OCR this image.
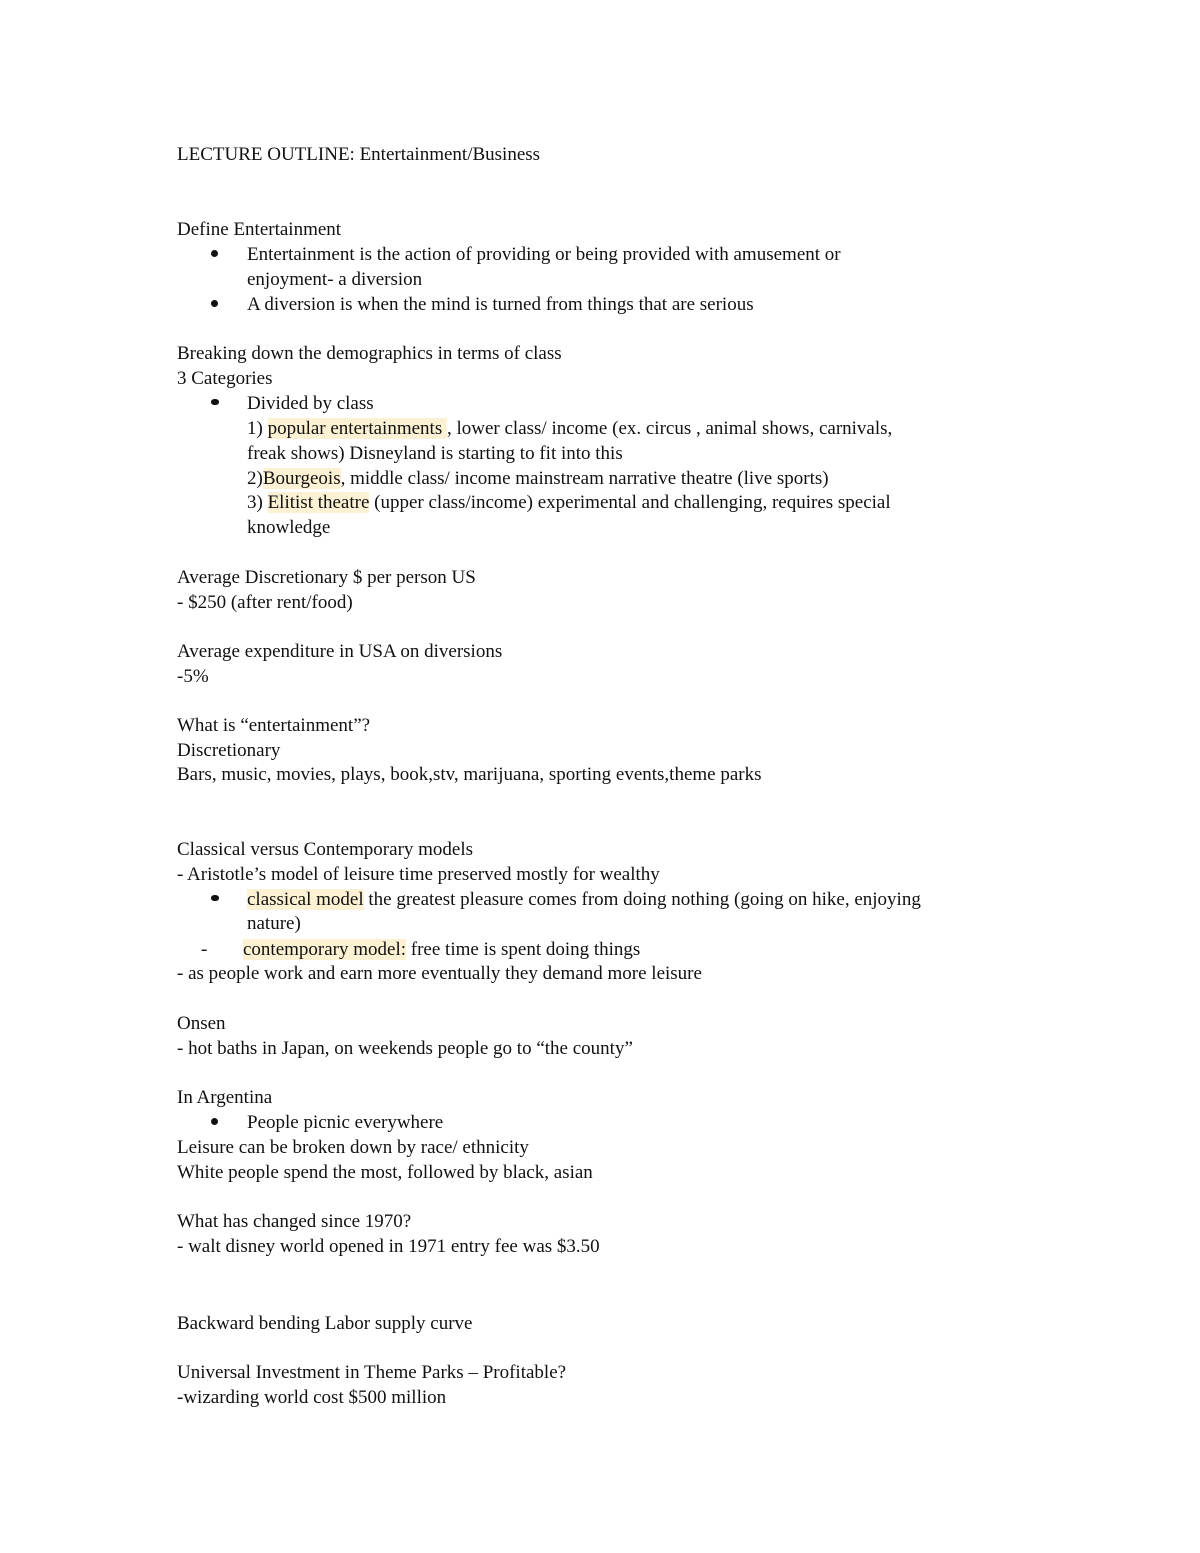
LECTURE OUTLINE: Entertainment/Business
Define Entertainment
Entertainment is the action of providing or being provided with amusement or
enjoyment- a diversion
A diversion is when the mind is turned from things that are serious
Breaking down the demographics in terms of class
3 Categories
Divided by class
1) popular entertainments , lower class/ income (ex. circus , animal shows, carnivals,
freak shows) Disneyland is starting to fit into this
2)Bourgeois, middle class/ income mainstream narrative theatre (live sports)
3) Elitist theatre (upper class/income) experimental and challenging, requires special
knowledge
Average Discretionary $ per person US
- $250 (after rent/food)
Average expenditure in USA on diversions
-5%
What is “entertainment”?
Discretionary
Bars, music, movies, plays, book,stv, marijuana, sporting events,theme parks
Classical versus Contemporary models
- Aristotle’s model of leisure time preserved mostly for wealthy
classical model the greatest pleasure comes from doing nothing (going on hike, enjoying
nature)
- contemporary model: free time is spent doing things
- as people work and earn more eventually they demand more leisure
Onsen
- hot baths in Japan, on weekends people go to “the county”
In Argentina
People picnic everywhere
Leisure can be broken down by race/ ethnicity
White people spend the most, followed by black, asian
What has changed since 1970?
- walt disney world opened in 1971 entry fee was $3.50
Backward bending Labor supply curve
Universal Investment in Theme Parks – Profitable?
-wizarding world cost $500 million
